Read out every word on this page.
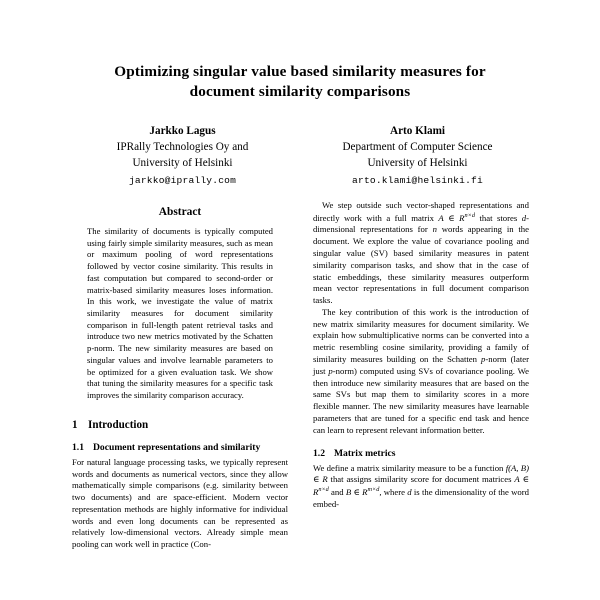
Optimizing singular value based similarity measures for document similarity comparisons
Jarkko Lagus
IPRally Technologies Oy and
University of Helsinki
jarkko@iprally.com
Arto Klami
Department of Computer Science
University of Helsinki
arto.klami@helsinki.fi
Abstract

The similarity of documents is typically computed using fairly simple similarity measures, such as mean or maximum pooling of word representations followed by vector cosine similarity. This results in fast computation but compared to second-order or matrix-based similarity measures loses information. In this work, we investigate the value of matrix similarity measures for document similarity comparison in full-length patent retrieval tasks and introduce two new metrics motivated by the Schatten p-norm. The new similarity measures are based on singular values and involve learnable parameters to be optimized for a given evaluation task. We show that tuning the similarity measures for a specific task improves the similarity comparison accuracy.

1 Introduction
1.1 Document representations and similarity

For natural language processing tasks, we typically represent words and documents as numerical vectors, since they allow mathematically simple comparisons (e.g. similarity between two documents) and are space-efficient. Modern vector representation methods are highly informative for individual words and even long documents can be represented as relatively low-dimensional vectors. Already simple mean pooling can work well in practice (Con-

We step outside such vector-shaped representations and directly work with a full matrix A ∈ $R^{n\times d}$ that stores d-dimensional representations for n words appearing in the document. We explore the value of covariance pooling and singular value (SV) based similarity measures in patent similarity comparison tasks, and show that in the case of static embeddings, these similarity measures outperform mean vector representations in full document comparison tasks.

The key contribution of this work is the introduction of new matrix similarity measures for document similarity. We explain how submultiplicative norms can be converted into a metric resembling cosine similarity, providing a family of similarity measures building on the Schatten p-norm (later just p-norm) computed using SVs of covariance pooling. We then introduce new similarity measures that are based on the same SVs but map them to similarity scores in a more flexible manner. The new similarity measures have learnable parameters that are tuned for a specific end task and hence can learn to represent relevant information better.

1.2 Matrix metrics

We define a matrix similarity measure to be a function f(A, B) ∈ R that assigns similarity score for document matrices A ∈ $R^{n\times d}$ and B ∈ $R^{m\times d}$, where d is the dimensionality of the word embed-
